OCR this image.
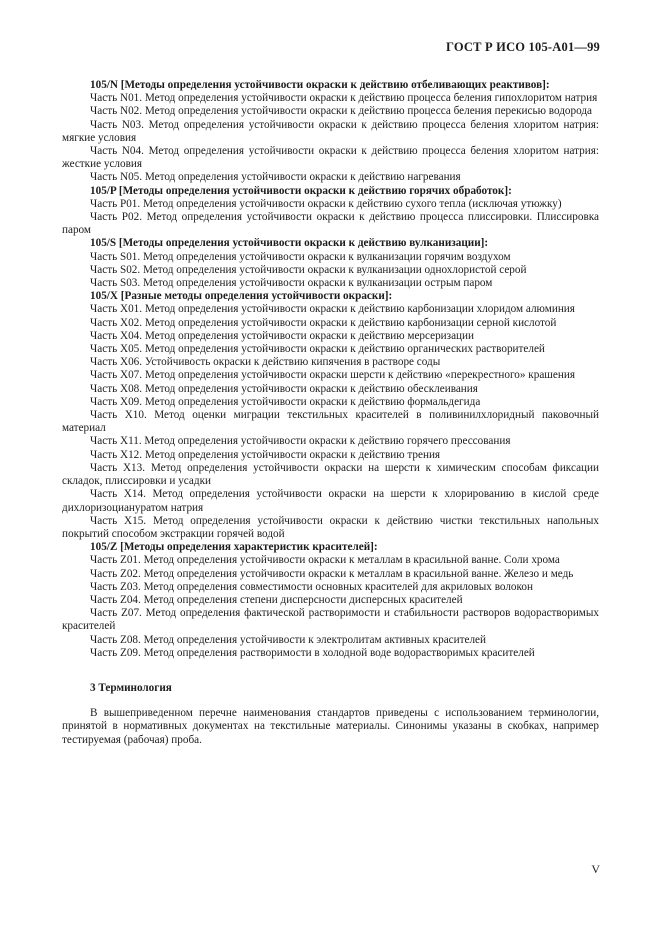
ГОСТ Р ИСО 105-А01—99

105/N [Методы определения устойчивости окраски к действию отбеливающих реактивов]:

Часть N01. Метод определения устойчивости окраски к действию процесса беления гипохлоритом натрия

Часть N02. Метод определения устойчивости окраски к действию процесса беления перекисью водорода

Часть N03. Метод определения устойчивости окраски к действию процесса беления хлоритом натрия: мягкие условия

Часть N04. Метод определения устойчивости окраски к действию процесса беления хлоритом натрия: жесткие условия

Часть N05. Метод определения устойчивости окраски к действию нагревания

105/P [Методы определения устойчивости окраски к действию горячих обработок]:

Часть P01. Метод определения устойчивости окраски к действию сухого тепла (исключая утюжку)

Часть P02. Метод определения устойчивости окраски к действию процесса плиссировки. Плиссировка паром

105/S [Методы определения устойчивости окраски к действию вулканизации]:

Часть S01. Метод определения устойчивости окраски к вулканизации горячим воздухом

Часть S02. Метод определения устойчивости окраски к вулканизации однохлористой серой

Часть S03. Метод определения устойчивости окраски к вулканизации острым паром

105/X [Разные методы определения устойчивости окраски]:

Часть X01. Метод определения устойчивости окраски к действию карбонизации хлоридом алюминия

Часть X02. Метод определения устойчивости окраски к действию карбонизации серной кислотой

Часть X04. Метод определения устойчивости окраски к действию мерсеризации

Часть X05. Метод определения устойчивости окраски к действию органических растворителей

Часть X06. Устойчивость окраски к действию кипячения в растворе соды

Часть X07. Метод определения устойчивости окраски шерсти к действию «перекрестного» крашения

Часть X08. Метод определения устойчивости окраски к действию обесклеивания

Часть X09. Метод определения устойчивости окраски к действию формальдегида

Часть X10. Метод оценки миграции текстильных красителей в поливинилхлоридный паковочный материал

Часть X11. Метод определения устойчивости окраски к действию горячего прессования

Часть X12. Метод определения устойчивости окраски к действию трения

Часть X13. Метод определения устойчивости окраски на шерсти к химическим способам фиксации складок, плиссировки и усадки

Часть X14. Метод определения устойчивости окраски на шерсти к хлорированию в кислой среде дихлоризоциануратом натрия

Часть X15. Метод определения устойчивости окраски к действию чистки текстильных напольных покрытий способом экстракции горячей водой

105/Z [Методы определения характеристик красителей]:

Часть Z01. Метод определения устойчивости окраски к металлам в красильной ванне. Соли хрома

Часть Z02. Метод определения устойчивости окраски к металлам в красильной ванне. Железо и медь

Часть Z03. Метод определения совместимости основных красителей для акриловых волокон

Часть Z04. Метод определения степени дисперсности дисперсных красителей

Часть Z07. Метод определения фактической растворимости и стабильности растворов водорастворимых красителей

Часть Z08. Метод определения устойчивости к электролитам активных красителей

Часть Z09. Метод определения растворимости в холодной воде водорастворимых красителей

3 Терминология

В вышеприведенном перечне наименования стандартов приведены с использованием терминологии, принятой в нормативных документах на текстильные материалы. Синонимы указаны в скобках, например тестируемая (рабочая) проба.

V
